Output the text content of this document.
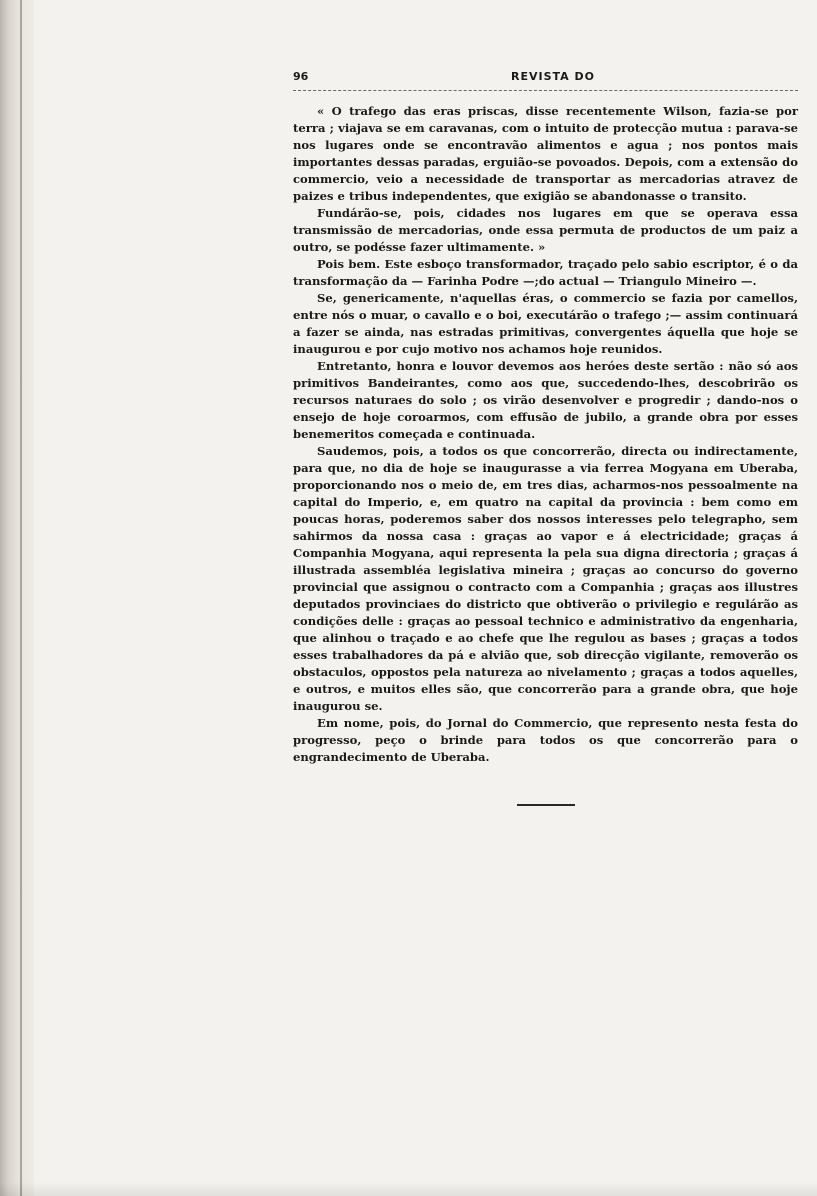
96	REVISTA DO

« O trafego das eras priscas, disse recentemente Wilson, fazia-se por terra ; viajava se em caravanas, com o intuito de protecção mutua : parava-se nos lugares onde se encontravão alimentos e agua ; nos pontos mais importantes dessas paradas, erguião-se povoados. Depois, com a extensão do commercio, veio a necessidade de transportar as mercadorias atravez de paizes e tribus independentes, que exigião se abandonasse o transito.

Fundárão-se, pois, cidades nos lugares em que se operava essa transmissão de mercadorias, onde essa permuta de productos de um paiz a outro, se podésse fazer ultimamente. »

Pois bem. Este esboço transformador, traçado pelo sabio escriptor, é o da transformação da — Farinha Podre —;do actual — Triangulo Mineiro —.

Se, genericamente, n'aquellas éras, o commercio se fazia por camellos, entre nós o muar, o cavallo e o boi, executárão o trafego ;— assim continuará a fazer se ainda, nas estradas primitivas, convergentes áquella que hoje se inaugurou e por cujo motivo nos achamos hoje reunidos.

Entretanto, honra e louvor devemos aos heróes deste sertão : não só aos primitivos Bandeirantes, como aos que, succedendo-lhes, descobrirão os recursos naturaes do solo ; os virão desenvolver e progredir ; dando-nos o ensejo de hoje coroarmos, com effusão de jubilo, a grande obra por esses benemeritos começada e continuada.

Saudemos, pois, a todos os que concorrerão, directa ou indirectamente, para que, no dia de hoje se inaugurasse a via ferrea Mogyana em Uberaba, proporcionando nos o meio de, em tres dias, acharmos-nos pessoalmente na capital do Imperio, e, em quatro na capital da provincia : bem como em poucas horas, poderemos saber dos nossos interesses pelo telegrapho, sem sahirmos da nossa casa : graças ao vapor e á electricidade; graças á Companhia Mogyana, aqui representa la pela sua digna directoria ; graças á illustrada assembléa legislativa mineira ; graças ao concurso do governo provincial que assignou o contracto com a Companhia ; graças aos illustres deputados provinciaes do districto que obtiverão o privilegio e regulárão as condições delle : graças ao pessoal technico e administrativo da engenharia, que alinhou o traçado e ao chefe que lhe regulou as bases ; graças a todos esses trabalhadores da pá e alvião que, sob direcção vigilante, removerão os obstaculos, oppostos pela natureza ao nivelamento ; graças a todos aquelles, e outros, e muitos elles são, que concorrerão para a grande obra, que hoje inaugurou se.

Em nome, pois, do Jornal do Commercio, que represento nesta festa do progresso, peço o brinde para todos os que concorrerão para o engrandecimento de Uberaba.
